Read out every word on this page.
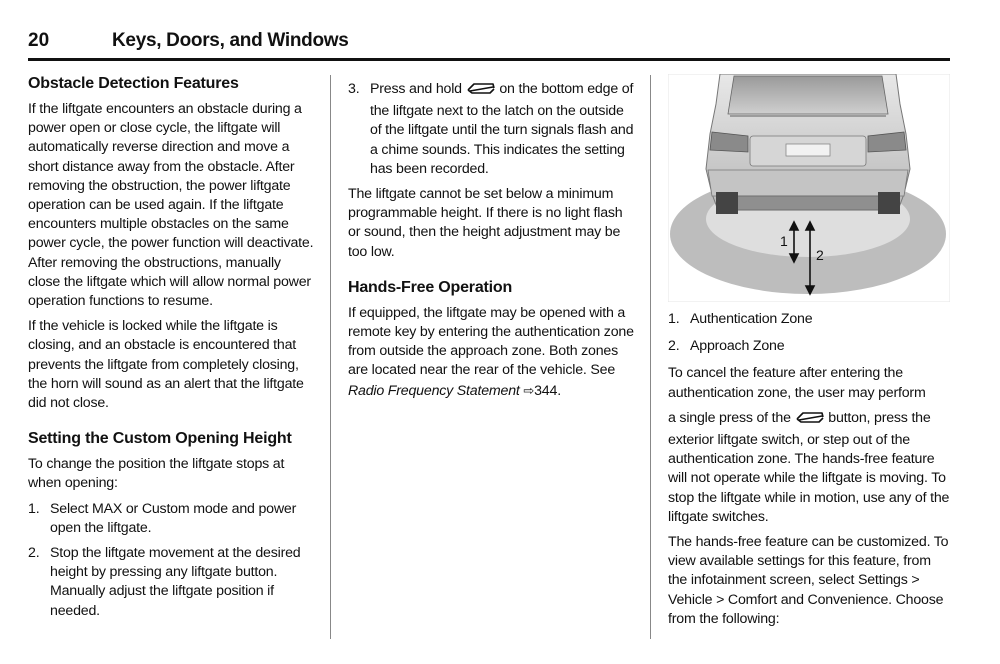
20	Keys, Doors, and Windows
Obstacle Detection Features

If the liftgate encounters an obstacle during a power open or close cycle, the liftgate will automatically reverse direction and move a short distance away from the obstacle. After removing the obstruction, the power liftgate operation can be used again. If the liftgate encounters multiple obstacles on the same power cycle, the power function will deactivate. After removing the obstructions, manually close the liftgate which will allow normal power operation functions to resume.

If the vehicle is locked while the liftgate is closing, and an obstacle is encountered that prevents the liftgate from completely closing, the horn will sound as an alert that the liftgate did not close.

Setting the Custom Opening Height

To change the position the liftgate stops at when opening:

1. Select MAX or Custom mode and power open the liftgate.
2. Stop the liftgate movement at the desired height by pressing any liftgate button. Manually adjust the liftgate position if needed.
3. Press and hold	on the bottom edge of the liftgate next to the latch on the outside of the liftgate until the turn signals flash and a chime sounds. This indicates the setting has been recorded.

The liftgate cannot be set below a minimum programmable height. If there is no light flash or sound, then the height adjustment may be too low.

Hands-Free Operation

If equipped, the liftgate may be opened with a remote key by entering the authentication zone from outside the approach zone. Both zones are located near the rear of the vehicle. See Radio Frequency Statement ⇨344.

1
2
1. Authentication Zone
2. Approach Zone

To cancel the feature after entering the authentication zone, the user may perform

a single press of the	button, press the exterior liftgate switch, or step out of the authentication zone. The hands-free feature will not operate while the liftgate is moving. To stop the liftgate while in motion, use any of the liftgate switches.

The hands-free feature can be customized. To view available settings for this feature, from the infotainment screen, select Settings > Vehicle > Comfort and Convenience. Choose from the following:
